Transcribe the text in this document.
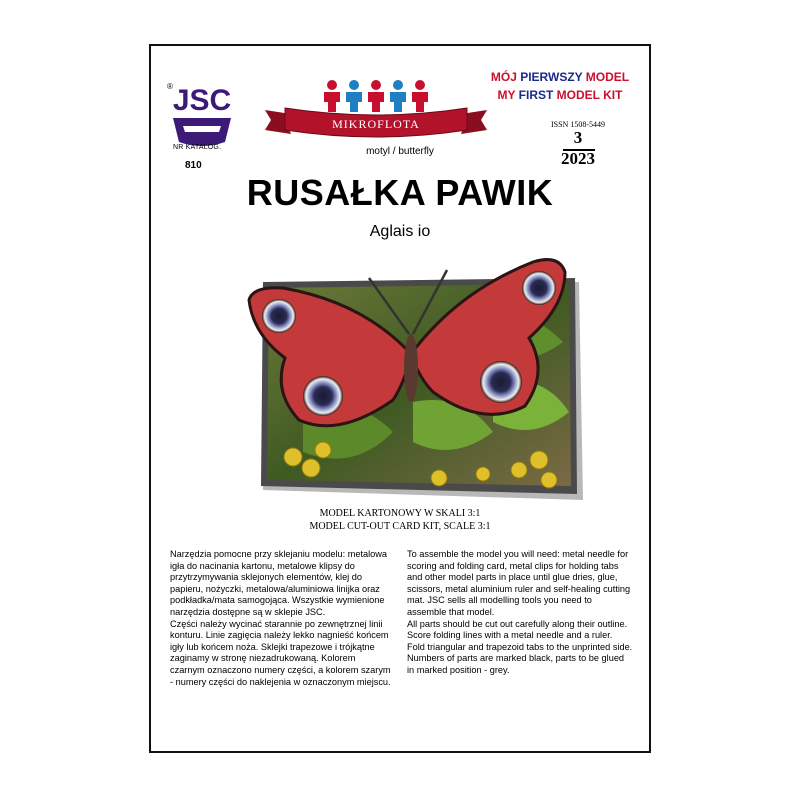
JSC
®
NR KATALOG.
810
MIKROFLOTA
MÓJ PIERWSZY MODEL
MY FIRST MODEL KIT
ISSN 1508-5449
3
2023
motyl / butterfly
RUSAŁKA PAWIK
Aglais io
MODEL KARTONOWY W SKALI 3:1
MODEL CUT-OUT CARD KIT, SCALE 3:1

Narzędzia pomocne przy sklejaniu modelu: metalowa igła do nacinania kartonu, metalowe klipsy do przytrzymywania sklejonych elementów, klej do papieru, nożyczki, metalowa/aluminiowa linijka oraz podkładka/mata samogojąca. Wszystkie wymienione narzędzia dostępne są w sklepie JSC.

Części należy wycinać starannie po zewnętrznej linii konturu. Linie zagięcia należy lekko nagnieść końcem igły lub końcem noża. Sklejki trapezowe i trójkątne zaginamy w stronę niezadrukowaną. Kolorem czarnym oznaczono numery części, a kolorem szarym - numery części do naklejenia w oznaczonym miejscu.

To assemble the model you will need: metal needle for scoring and folding card, metal clips for holding tabs and other model parts in place until glue dries, glue, scissors, metal aluminium ruler and self-healing cutting mat. JSC sells all modelling tools you need to assemble that model.

All parts should be cut out carefully along their outline. Score folding lines with a metal needle and a ruler.

Fold triangular and trapezoid tabs to the unprinted side. Numbers of parts are marked black, parts to be glued in marked position - grey.
